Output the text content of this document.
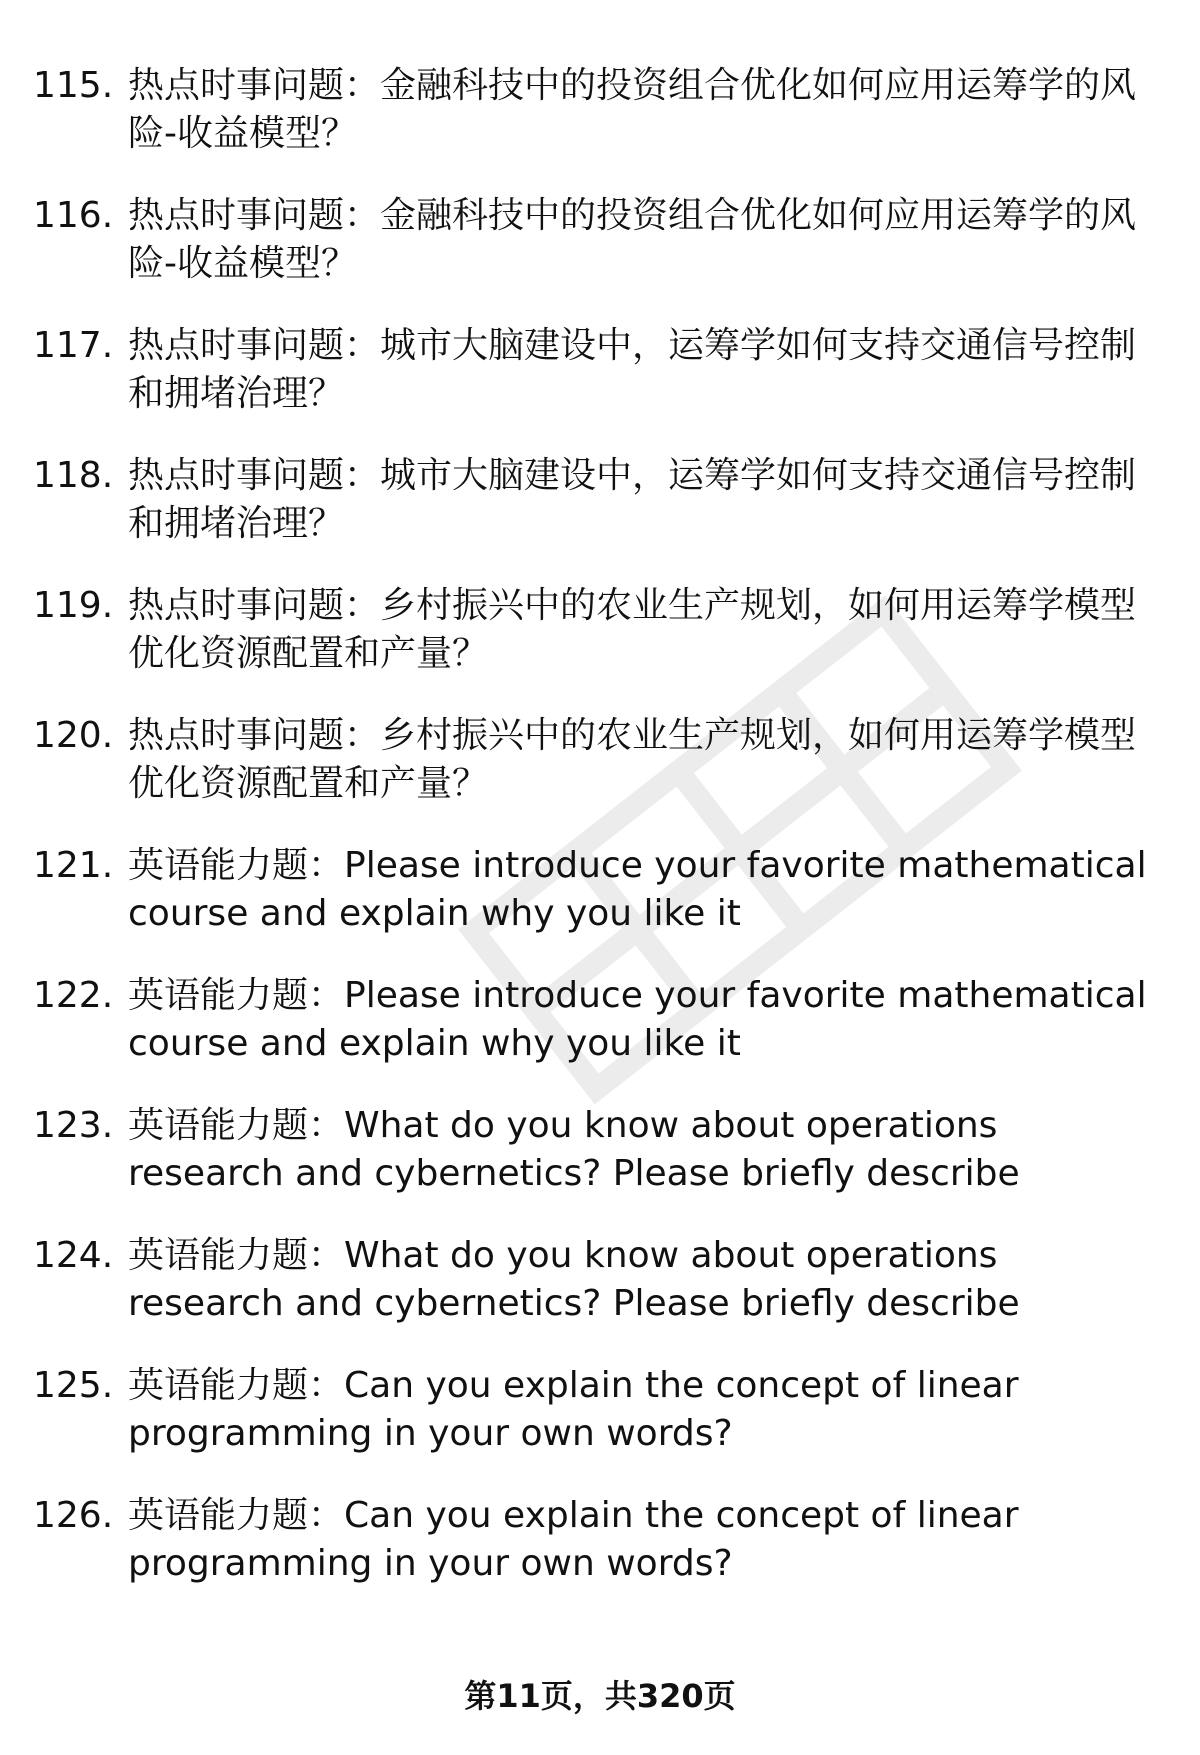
115. 热点时事问题：金融科技中的投资组合优化如何应用运筹学的风险-收益模型？
116. 热点时事问题：金融科技中的投资组合优化如何应用运筹学的风险-收益模型？
117. 热点时事问题：城市大脑建设中，运筹学如何支持交通信号控制和拥堵治理？
118. 热点时事问题：城市大脑建设中，运筹学如何支持交通信号控制和拥堵治理？
119. 热点时事问题：乡村振兴中的农业生产规划，如何用运筹学模型优化资源配置和产量？
120. 热点时事问题：乡村振兴中的农业生产规划，如何用运筹学模型优化资源配置和产量？
121. 英语能力题：Please introduce your favorite mathematical course and explain why you like it
122. 英语能力题：Please introduce your favorite mathematical course and explain why you like it
123. 英语能力题：What do you know about operations research and cybernetics? Please briefly describe
124. 英语能力题：What do you know about operations research and cybernetics? Please briefly describe
125. 英语能力题：Can you explain the concept of linear programming in your own words?
126. 英语能力题：Can you explain the concept of linear programming in your own words?
第11页，共320页
